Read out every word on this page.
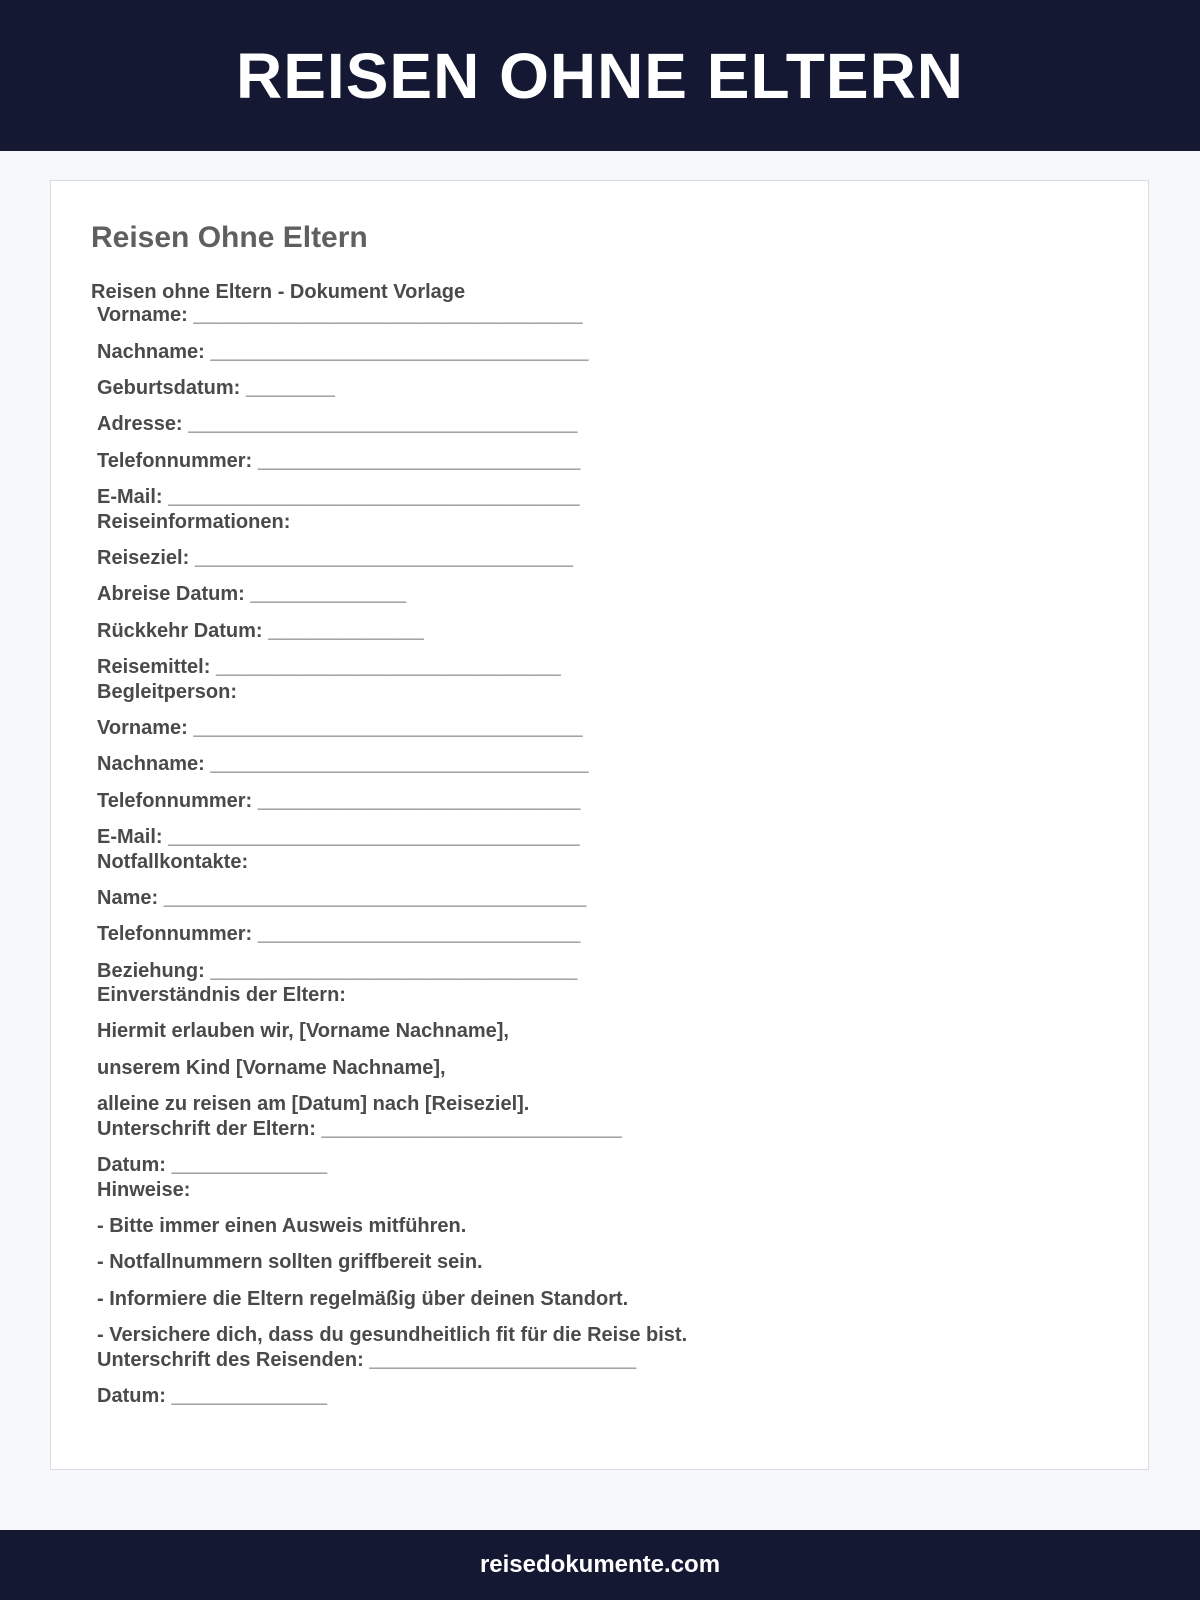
REISEN OHNE ELTERN
Reisen Ohne Eltern

Reisen ohne Eltern - Dokument Vorlage

Vorname: ___________________________________
Nachname: __________________________________
Geburtsdatum: ________
Adresse: ___________________________________
Telefonnummer: _____________________________
E-Mail: _____________________________________
Reiseinformationen:
Reiseziel: __________________________________
Abreise Datum: ______________
Rückkehr Datum: ______________
Reisemittel: _______________________________
Begleitperson:
Vorname: ___________________________________
Nachname: __________________________________
Telefonnummer: _____________________________
E-Mail: _____________________________________
Notfallkontakte:
Name: ______________________________________
Telefonnummer: _____________________________
Beziehung: _________________________________
Einverständnis der Eltern:
Hiermit erlauben wir, [Vorname Nachname],
unserem Kind [Vorname Nachname],
alleine zu reisen am [Datum] nach [Reiseziel].
Unterschrift der Eltern: ___________________________
Datum: ______________
Hinweise:
- Bitte immer einen Ausweis mitführen.
- Notfallnummern sollten griffbereit sein.
- Informiere die Eltern regelmäßig über deinen Standort.
- Versichere dich, dass du gesundheitlich fit für die Reise bist.
Unterschrift des Reisenden: ________________________
Datum: ______________
reisedokumente.com
